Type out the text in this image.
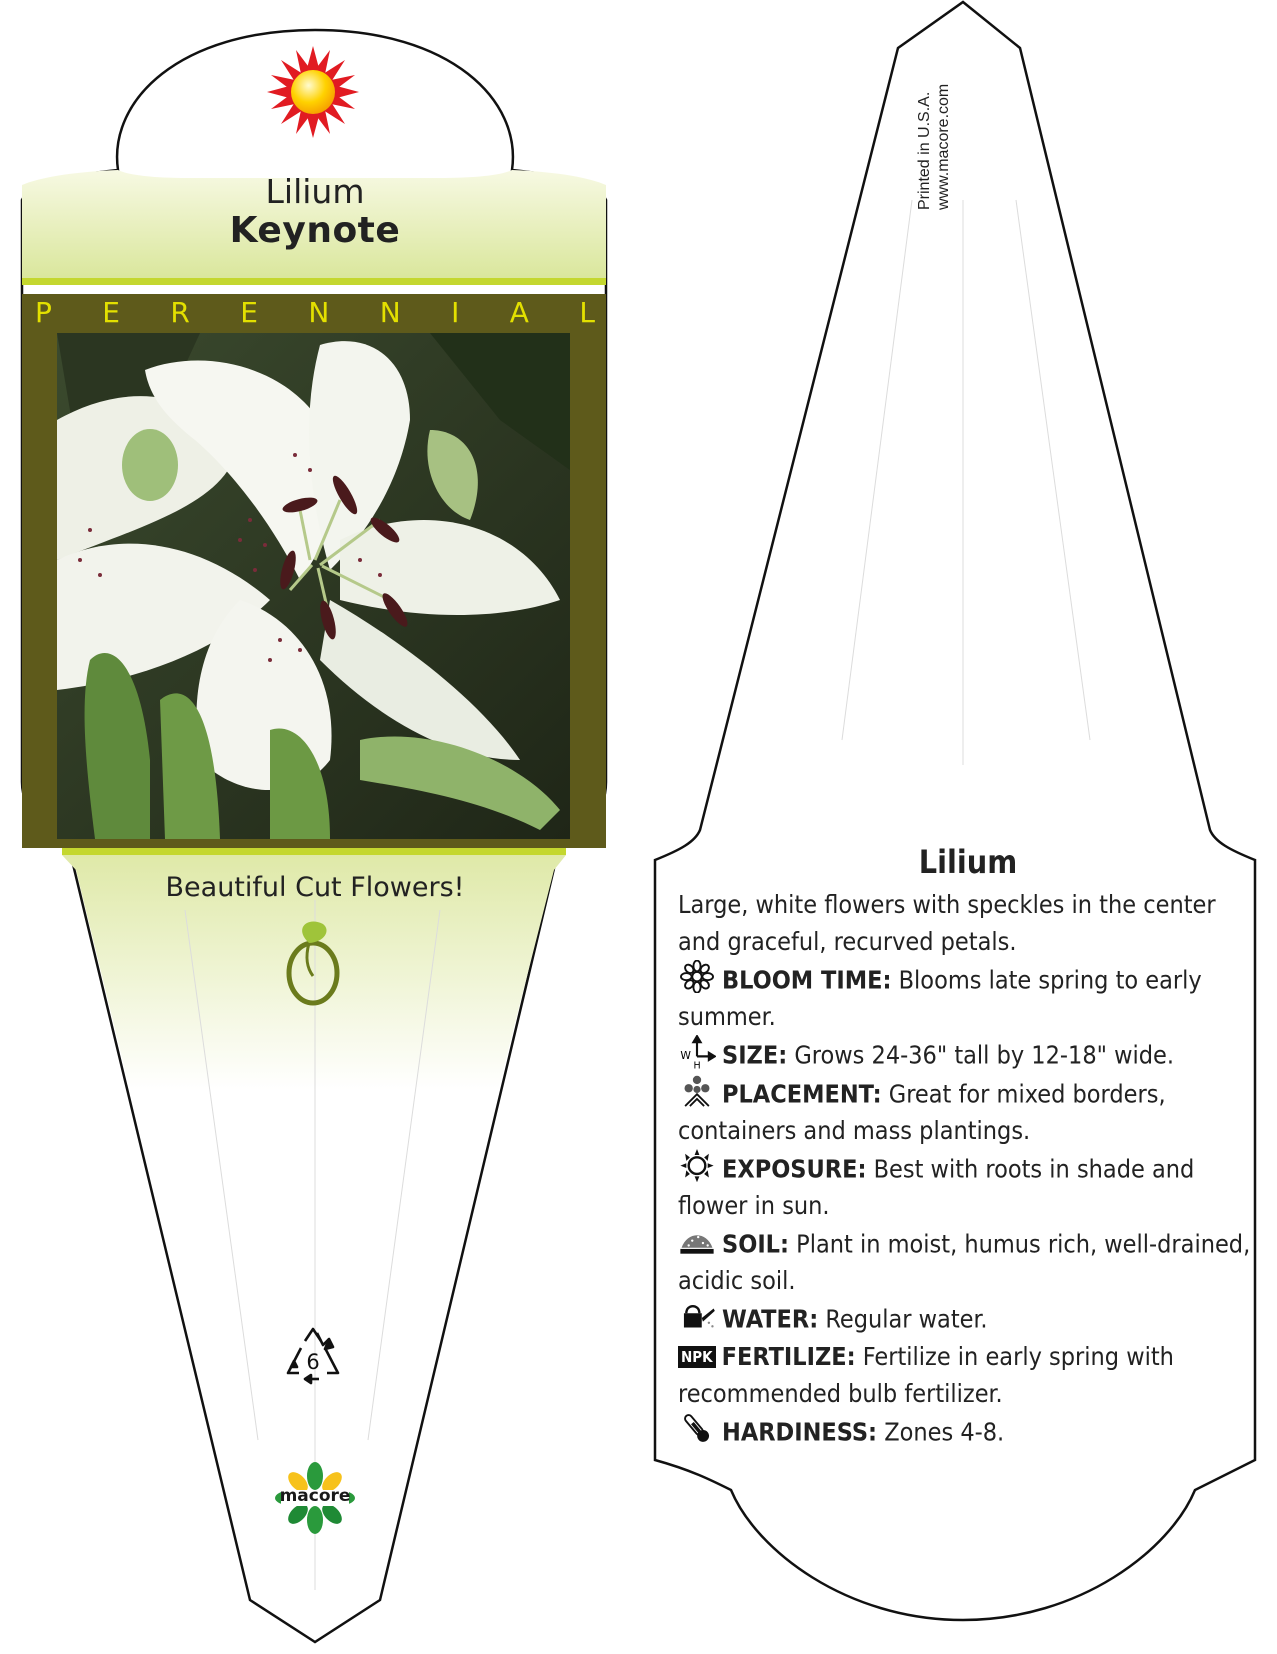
Lilium
Keynote
P E R E N N I A L
Beautiful Cut Flowers!
6
macore
Printed in U.S.A. www.macore.com
Lilium

Large, white flowers with speckles in the center and graceful, recurved petals.

BLOOM TIME: Blooms late spring to early summer.

W
H SIZE: Grows 24-36" tall by 12-18" wide.

PLACEMENT: Great for mixed borders, containers and mass plantings.

EXPOSURE: Best with roots in shade and flower in sun.

SOIL: Plant in moist, humus rich, well-drained, acidic soil.

WATER: Regular water.

NPK FERTILIZE: Fertilize in early spring with recommended bulb fertilizer.

HARDINESS: Zones 4-8.
